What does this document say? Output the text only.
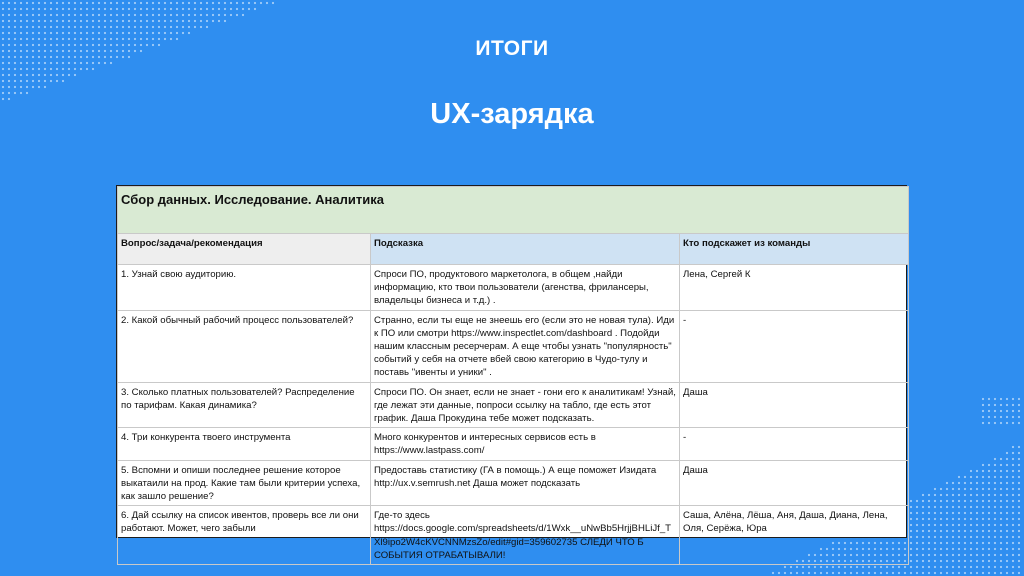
ИТОГИ
UX-зарядка
Сбор данных. Исследование. Аналитика		
Вопрос/задача/рекомендация	Подсказка	Кто подскажет из команды
1. Узнай свою аудиторию.	Спроси ПО, продуктового маркетолога, в общем ,найди информацию, кто твои пользователи (агенства, фрилансеры, владельцы бизнеса и т.д.) .	Лена, Сергей К
2. Какой обычный рабочий процесс пользователей?	Странно, если ты еще не знеешь его (если это не новая тула). Иди к ПО или смотри https://www.inspectlet.com/dashboard . Подойди нашим классным ресерчерам. А еще чтобы узнать "популярность" событий у себя на отчете вбей свою категорию в Чудо-тулу и поставь "ивенты и уники" .	-
3. Сколько платных пользователей? Распределение по тарифам. Какая динамика?	Спроси ПО. Он знает, если не знает - гони его к аналитикам! Узнай, где лежат эти данные, попроси ссылку на табло, где есть этот график. Даша Прокудина тебе может подсказать.	Даша
4. Три конкурента твоего инструмента	Много конкурентов и интересных сервисов есть в https://www.lastpass.com/	-
5. Вспомни и опиши последнее решение которое выкатаили на прод. Какие там были критерии успеха, как зашло решение?	Предоставь статистику (ГА в помощь.) А еще поможет Изидата http://ux.v.semrush.net Даша может подсказать	Даша
6. Дай ссылку на список ивентов, проверь все ли они работают. Может, чего забыли	Где-то здесь https://docs.google.com/spreadsheets/d/1Wxk__uNwBb5HrjjBHLiJf_TXl9ipo2W4cKVCNNMzsZo/edit#gid=359602735 СЛЕДИ ЧТО Б СОБЫТИЯ ОТРАБАТЫВАЛИ!	Саша, Алёна, Лёша, Аня, Даша, Диана, Лена, Оля, Серёжа, Юра
